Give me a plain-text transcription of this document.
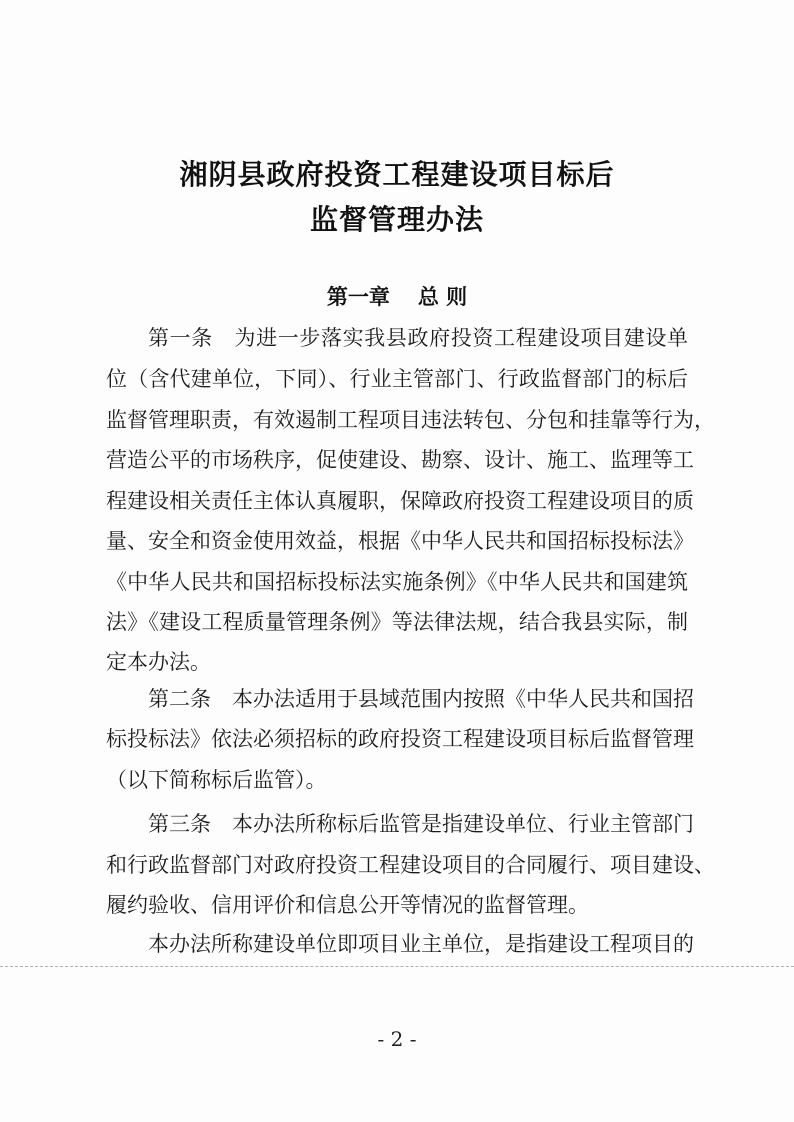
湘阴县政府投资工程建设项目标后
监督管理办法
第一章 总 则
第一条　为进一步落实我县政府投资工程建设项目建设单
位（含代建单位，下同）、行业主管部门、行政监督部门的标后
监督管理职责，有效遏制工程项目违法转包、分包和挂靠等行为，
营造公平的市场秩序，促使建设、勘察、设计、施工、监理等工
程建设相关责任主体认真履职，保障政府投资工程建设项目的质
量、安全和资金使用效益，根据《中华人民共和国招标投标法》
《中华人民共和国招标投标法实施条例》《中华人民共和国建筑
法》《建设工程质量管理条例》等法律法规，结合我县实际，制
定本办法。
第二条　本办法适用于县域范围内按照《中华人民共和国招
标投标法》依法必须招标的政府投资工程建设项目标后监督管理
（以下简称标后监管）。
第三条　本办法所称标后监管是指建设单位、行业主管部门
和行政监督部门对政府投资工程建设项目的合同履行、项目建设、
履约验收、信用评价和信息公开等情况的监督管理。
本办法所称建设单位即项目业主单位，是指建设工程项目的
- 2 -
